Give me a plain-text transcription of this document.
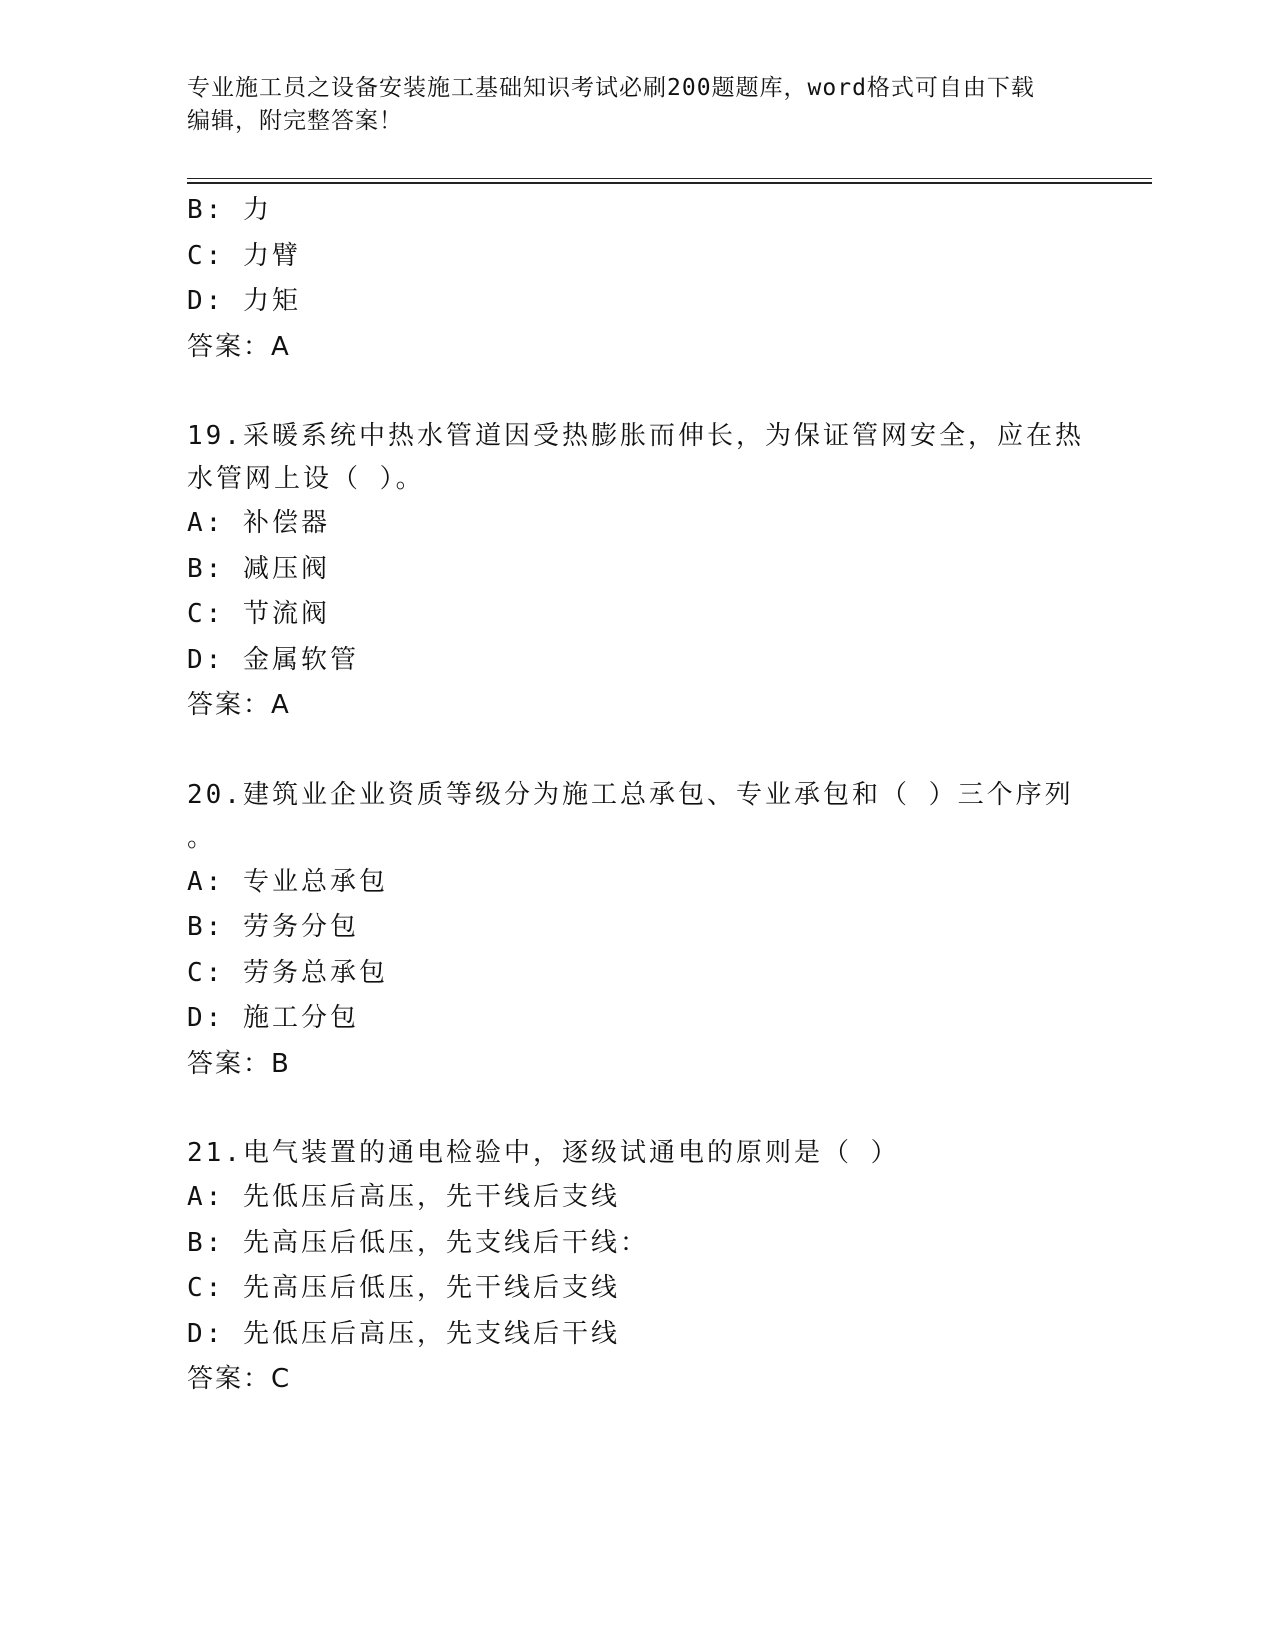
专业施工员之设备安装施工基础知识考试必刷200题题库，word格式可自由下载
编辑，附完整答案！
B: 力
C: 力臂
D: 力矩
答案：A
19.采暖系统中热水管道因受热膨胀而伸长，为保证管网安全，应在热
水管网上设（ ）。
A: 补偿器
B: 减压阀
C: 节流阀
D: 金属软管
答案：A
20.建筑业企业资质等级分为施工总承包、专业承包和（ ）三个序列
。
A: 专业总承包
B: 劳务分包
C: 劳务总承包
D: 施工分包
答案：B
21.电气装置的通电检验中，逐级试通电的原则是（ ）
A: 先低压后高压，先干线后支线
B: 先高压后低压，先支线后干线：
C: 先高压后低压，先干线后支线
D: 先低压后高压，先支线后干线
答案：C
